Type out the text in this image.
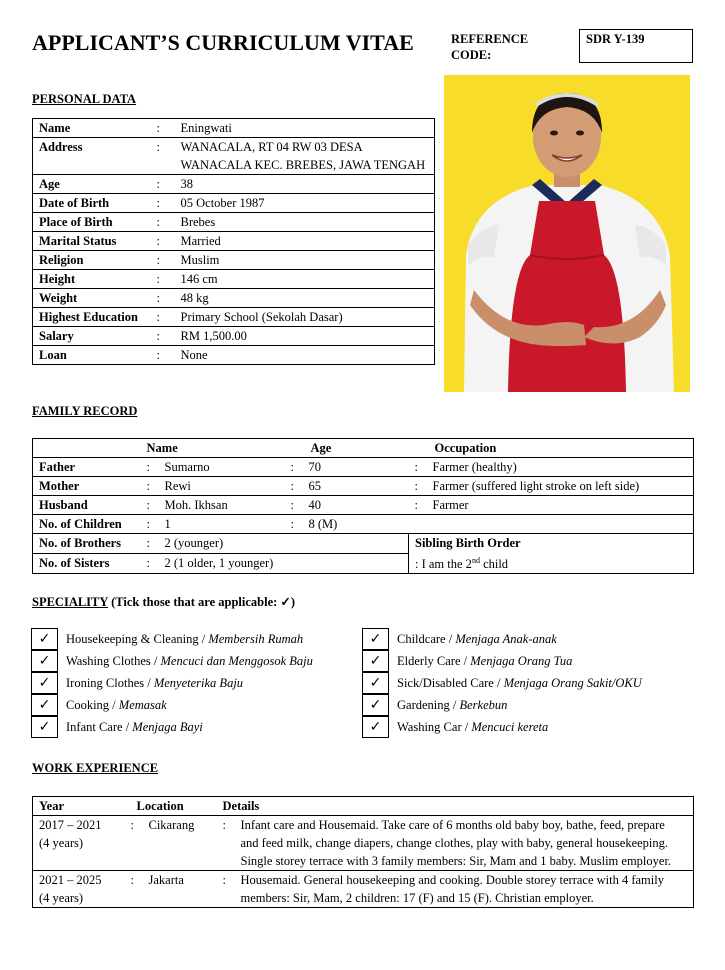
APPLICANT’S CURRICULUM VITAE	REFERENCE CODE:
SDR Y-139
PERSONAL DATA
Name	:	Eningwati
Address	:	WANACALA, RT 04 RW 03 DESA WANACALA KEC. BREBES, JAWA TENGAH
Age	:	38
Date of Birth	:	05 October 1987
Place of Birth	:	Brebes
Marital Status	:	Married
Religion	:	Muslim
Height	:	146 cm
Weight	:	48 kg
Highest Education	:	Primary School (Sekolah Dasar)
Salary	:	RM 1,500.00
Loan	:	None
FAMILY RECORD
	Name		Age		Occupation	
Father	:	Sumarno	:	70	:	Farmer (healthy)
Mother	:	Rewi	:	65	:	Farmer (suffered light stroke on left side)
Husband	:	Moh. Ikhsan	:	40	:	Farmer
No. of Children	:	1	:	8 (M)		
No. of Brothers	:	2 (younger)			Sibling Birth Order
: I am the 2nd child	

No. of Sisters	:	2 (1 older, 1 younger)				
SPECIALITY (Tick those that are applicable: ✓)
✓ Housekeeping & Cleaning / Membersih Rumah
✓ Washing Clothes / Mencuci dan Menggosok Baju
✓ Ironing Clothes / Menyeterika Baju
✓ Cooking / Memasak
✓ Infant Care / Menjaga Bayi
✓ Childcare / Menjaga Anak-anak
✓ Elderly Care / Menjaga Orang Tua
✓ Sick/Disabled Care / Menjaga Orang Sakit/OKU
✓ Gardening / Berkebun
✓ Washing Car / Mencuci kereta
WORK EXPERIENCE
Year	Location		Details	

2017 – 2021
(4 years)	:	Cikarang	:	Infant care and Housemaid. Take care of 6 months old baby boy, bathe, feed, prepare and feed milk, change diapers, change clothes, play with baby, general housekeeping. Single storey terrace with 3 family members: Sir, Mam and 1 baby. Muslim employer.

2021 – 2025
(4 years)	:	Jakarta	:	Housemaid. General housekeeping and cooking. Double storey terrace with 4 family members: Sir, Mam, 2 children: 17 (F) and 15 (F). Christian employer.
